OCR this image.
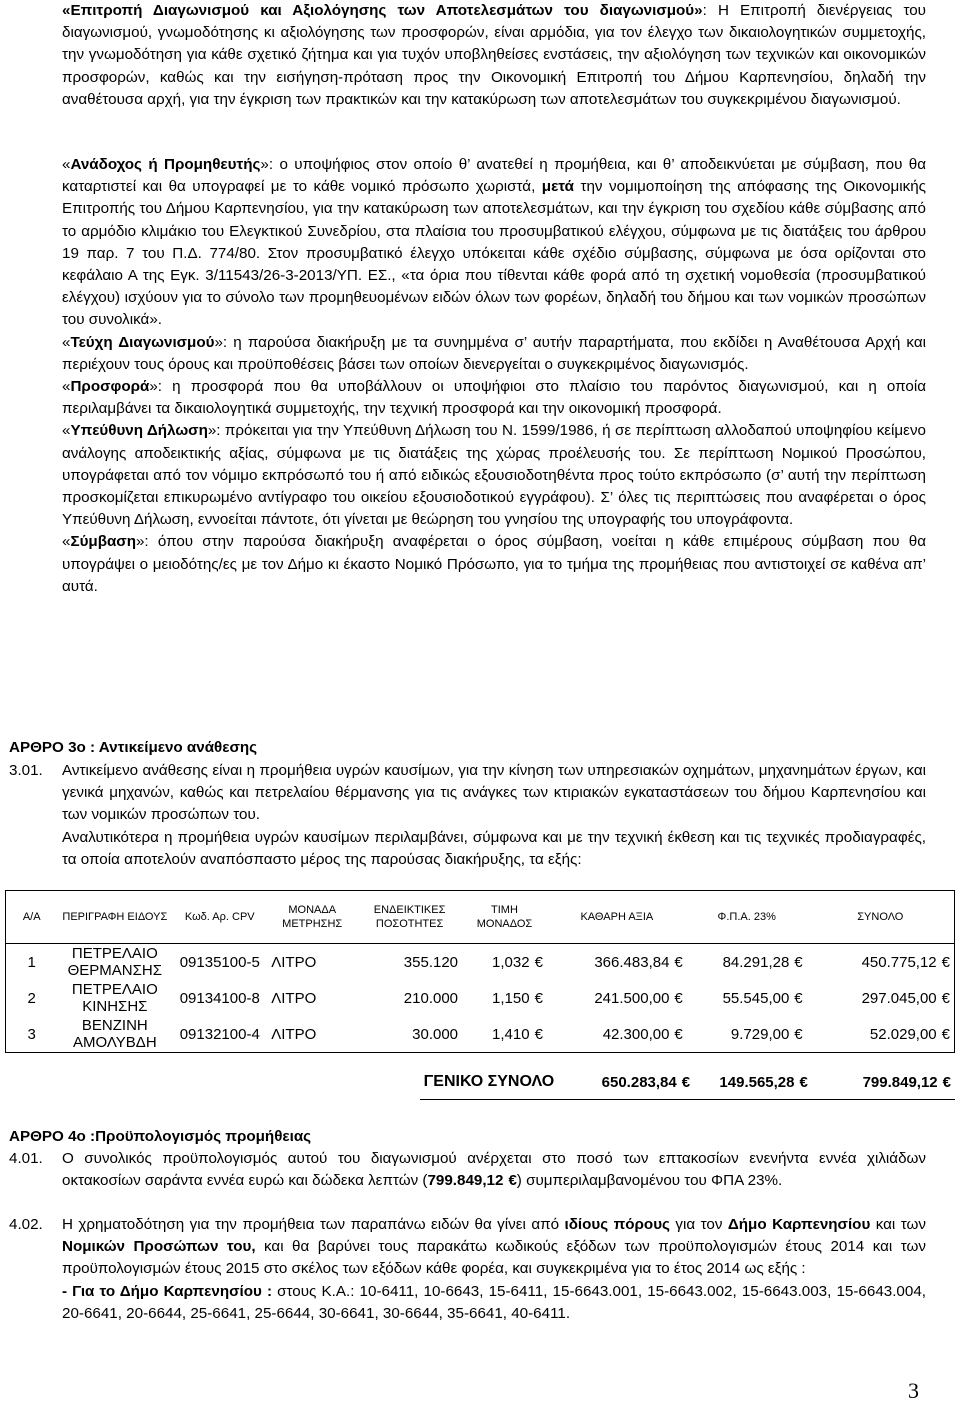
«Επιτροπή Διαγωνισμού και Αξιολόγησης των Αποτελεσμάτων του διαγωνισμού»: Η Επιτροπή διενέργειας του διαγωνισμού, γνωμοδότησης κι αξιολόγησης των προσφορών, είναι αρμόδια, για τον έλεγχο των δικαιολογητικών συμμετοχής, την γνωμοδότηση για κάθε σχετικό ζήτημα και για τυχόν υποβληθείσες ενστάσεις, την αξιολόγηση των τεχνικών και οικονομικών προσφορών, καθώς και την εισήγηση-πρόταση προς την Οικονομική Επιτροπή του Δήμου Καρπενησίου, δηλαδή την αναθέτουσα αρχή, για την έγκριση των πρακτικών και την κατακύρωση των αποτελεσμάτων του συγκεκριμένου διαγωνισμού.

«Ανάδοχος ή Προμηθευτής»: ο υποψήφιος στον οποίο θ’ ανατεθεί η προμήθεια, και θ’ αποδεικνύεται με σύμβαση, που θα καταρτιστεί και θα υπογραφεί με το κάθε νομικό πρόσωπο χωριστά, μετά την νομιμοποίηση της απόφασης της Οικονομικής Επιτροπής του Δήμου Καρπενησίου, για την κατακύρωση των αποτελεσμάτων, και την έγκριση του σχεδίου κάθε σύμβασης από το αρμόδιο κλιμάκιο του Ελεγκτικού Συνεδρίου, στα πλαίσια του προσυμβατικού ελέγχου, σύμφωνα με τις διατάξεις του άρθρου 19 παρ. 7 του Π.Δ. 774/80. Στον προσυμβατικό έλεγχο υπόκειται κάθε σχέδιο σύμβασης, σύμφωνα με όσα ορίζονται στο κεφάλαιο Α της Εγκ. 3/11543/26-3-2013/ΥΠ. ΕΣ., «τα όρια που τίθενται κάθε φορά από τη σχετική νομοθεσία (προσυμβατικού ελέγχου) ισχύουν για το σύνολο των προμηθευομένων ειδών όλων των φορέων, δηλαδή του δήμου και των νομικών προσώπων του συνολικά».

«Τεύχη Διαγωνισμού»: η παρούσα διακήρυξη με τα συνημμένα σ’ αυτήν παραρτήματα, που εκδίδει η Αναθέτουσα Αρχή και περιέχουν τους όρους και προϋποθέσεις βάσει των οποίων διενεργείται ο συγκεκριμένος διαγωνισμός.

«Προσφορά»: η προσφορά που θα υποβάλλουν οι υποψήφιοι στο πλαίσιο του παρόντος διαγωνισμού, και η οποία περιλαμβάνει τα δικαιολογητικά συμμετοχής, την τεχνική προσφορά και την οικονομική προσφορά.

«Υπεύθυνη Δήλωση»: πρόκειται για την Υπεύθυνη Δήλωση του Ν. 1599/1986, ή σε περίπτωση αλλοδαπού υποψηφίου κείμενο ανάλογης αποδεικτικής αξίας, σύμφωνα με τις διατάξεις της χώρας προέλευσής του. Σε περίπτωση Νομικού Προσώπου, υπογράφεται από τον νόμιμο εκπρόσωπό του ή από ειδικώς εξουσιοδοτηθέντα προς τούτο εκπρόσωπο (σ’ αυτή την περίπτωση προσκομίζεται επικυρωμένο αντίγραφο του οικείου εξουσιοδοτικού εγγράφου). Σ’ όλες τις περιπτώσεις που αναφέρεται ο όρος Υπεύθυνη Δήλωση, εννοείται πάντοτε, ότι γίνεται με θεώρηση του γνησίου της υπογραφής του υπογράφοντα.

«Σύμβαση»: όπου στην παρούσα διακήρυξη αναφέρεται ο όρος σύμβαση, νοείται η κάθε επιμέρους σύμβαση που θα υπογράψει ο μειοδότης/ες με τον Δήμο κι έκαστο Νομικό Πρόσωπο, για το τμήμα της προμήθειας που αντιστοιχεί σε καθένα απ’ αυτά.

ΑΡΘΡΟ 3ο : Αντικείμενο ανάθεσης
3.01. Αντικείμενο ανάθεσης είναι η προμήθεια υγρών καυσίμων, για την κίνηση των υπηρεσιακών οχημάτων, μηχανημάτων έργων, και γενικά μηχανών, καθώς και πετρελαίου θέρμανσης για τις ανάγκες των κτιριακών εγκαταστάσεων του δήμου Καρπενησίου και των νομικών προσώπων του.

Αναλυτικότερα η προμήθεια υγρών καυσίμων περιλαμβάνει, σύμφωνα και με την τεχνική έκθεση και τις τεχνικές προδιαγραφές, τα οποία αποτελούν αναπόσπαστο μέρος της παρούσας διακήρυξης, τα εξής:

Α/Α	ΠΕΡΙΓΡΑΦΗ ΕΙΔΟΥΣ	Κωδ. Αρ. CPV	ΜΟΝΑΔΑ ΜΕΤΡΗΣΗΣ	ΕΝΔΕΙΚΤΙΚΕΣ ΠΟΣΟΤΗΤΕΣ	ΤΙΜΗ ΜΟΝΑΔΟΣ	ΚΑΘΑΡΗ ΑΞΙΑ	Φ.Π.Α. 23%	ΣΥΝΟΛΟ
1	ΠΕΤΡΕΛΑΙΟ ΘΕΡΜΑΝΣΗΣ	09135100-5	ΛΙΤΡΟ	355.120	1,032 €	366.483,84 €	84.291,28 €	450.775,12 €
2	ΠΕΤΡΕΛΑΙΟ ΚΙΝΗΣΗΣ	09134100-8	ΛΙΤΡΟ	210.000	1,150 €	241.500,00 €	55.545,00 €	297.045,00 €
3	ΒΕΝΖΙΝΗ ΑΜΟΛΥΒΔΗ	09132100-4	ΛΙΤΡΟ	30.000	1,410 €	42.300,00 €	9.729,00 €	52.029,00 €
	ΓΕΝΙΚΟ ΣΥΝΟΛΟ	650.283,84 €	149.565,28 €	799.849,12 €
ΑΡΘΡΟ 4ο :Προϋπολογισμός προμήθειας
4.01. Ο συνολικός προϋπολογισμός αυτού του διαγωνισμού ανέρχεται στο ποσό των επτακοσίων ενενήντα εννέα χιλιάδων οκτακοσίων σαράντα εννέα ευρώ και δώδεκα λεπτών (799.849,12 €) συμπεριλαμβανομένου του ΦΠΑ 23%.

4.02. Η χρηματοδότηση για την προμήθεια των παραπάνω ειδών θα γίνει από ιδίους πόρους για τον Δήμο Καρπενησίου και των Νομικών Προσώπων του, και θα βαρύνει τους παρακάτω κωδικούς εξόδων των προϋπολογισμών έτους 2014 και των προϋπολογισμών έτους 2015 στο σκέλος των εξόδων κάθε φορέα, και συγκεκριμένα για το έτος 2014 ως εξής :

- Για το Δήμο Καρπενησίου : στους Κ.Α.: 10-6411, 10-6643, 15-6411, 15-6643.001, 15-6643.002, 15-6643.003, 15-6643.004, 20-6641, 20-6644, 25-6641, 25-6644, 30-6641, 30-6644, 35-6641, 40-6411.

3
